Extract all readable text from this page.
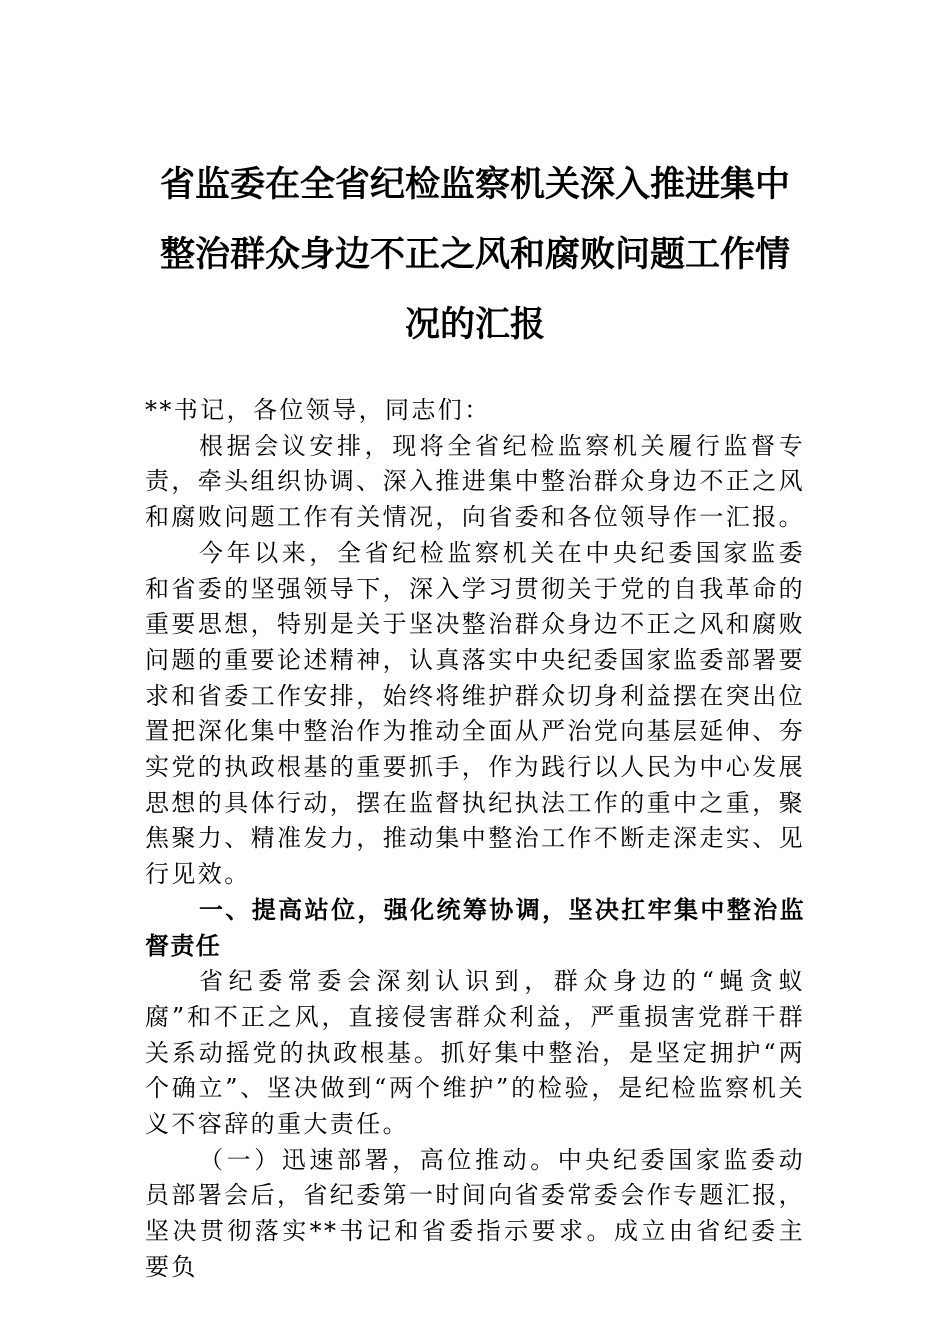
省监委在全省纪检监察机关深入推进集中
整治群众身边不正之风和腐败问题工作情
况的汇报

**书记，各位领导，同志们：

根据会议安排，现将全省纪检监察机关履行监督专责，牵头组织协调、深入推进集中整治群众身边不正之风和腐败问题工作有关情况，向省委和各位领导作一汇报。

今年以来，全省纪检监察机关在中央纪委国家监委和省委的坚强领导下，深入学习贯彻关于党的自我革命的重要思想，特别是关于坚决整治群众身边不正之风和腐败问题的重要论述精神，认真落实中央纪委国家监委部署要求和省委工作安排，始终将维护群众切身利益摆在突出位置把深化集中整治作为推动全面从严治党向基层延伸、夯实党的执政根基的重要抓手，作为践行以人民为中心发展思想的具体行动，摆在监督执纪执法工作的重中之重，聚焦聚力、精准发力，推动集中整治工作不断走深走实、见行见效。

一、提高站位，强化统筹协调，坚决扛牢集中整治监督责任

省纪委常委会深刻认识到，群众身边的“蝇贪蚁腐”和不正之风，直接侵害群众利益，严重损害党群干群关系动摇党的执政根基。抓好集中整治，是坚定拥护“两个确立”、坚决做到“两个维护”的检验，是纪检监察机关义不容辞的重大责任。

（一）迅速部署，高位推动。中央纪委国家监委动员部署会后，省纪委第一时间向省委常委会作专题汇报，坚决贯彻落实**书记和省委指示要求。成立由省纪委主要负
